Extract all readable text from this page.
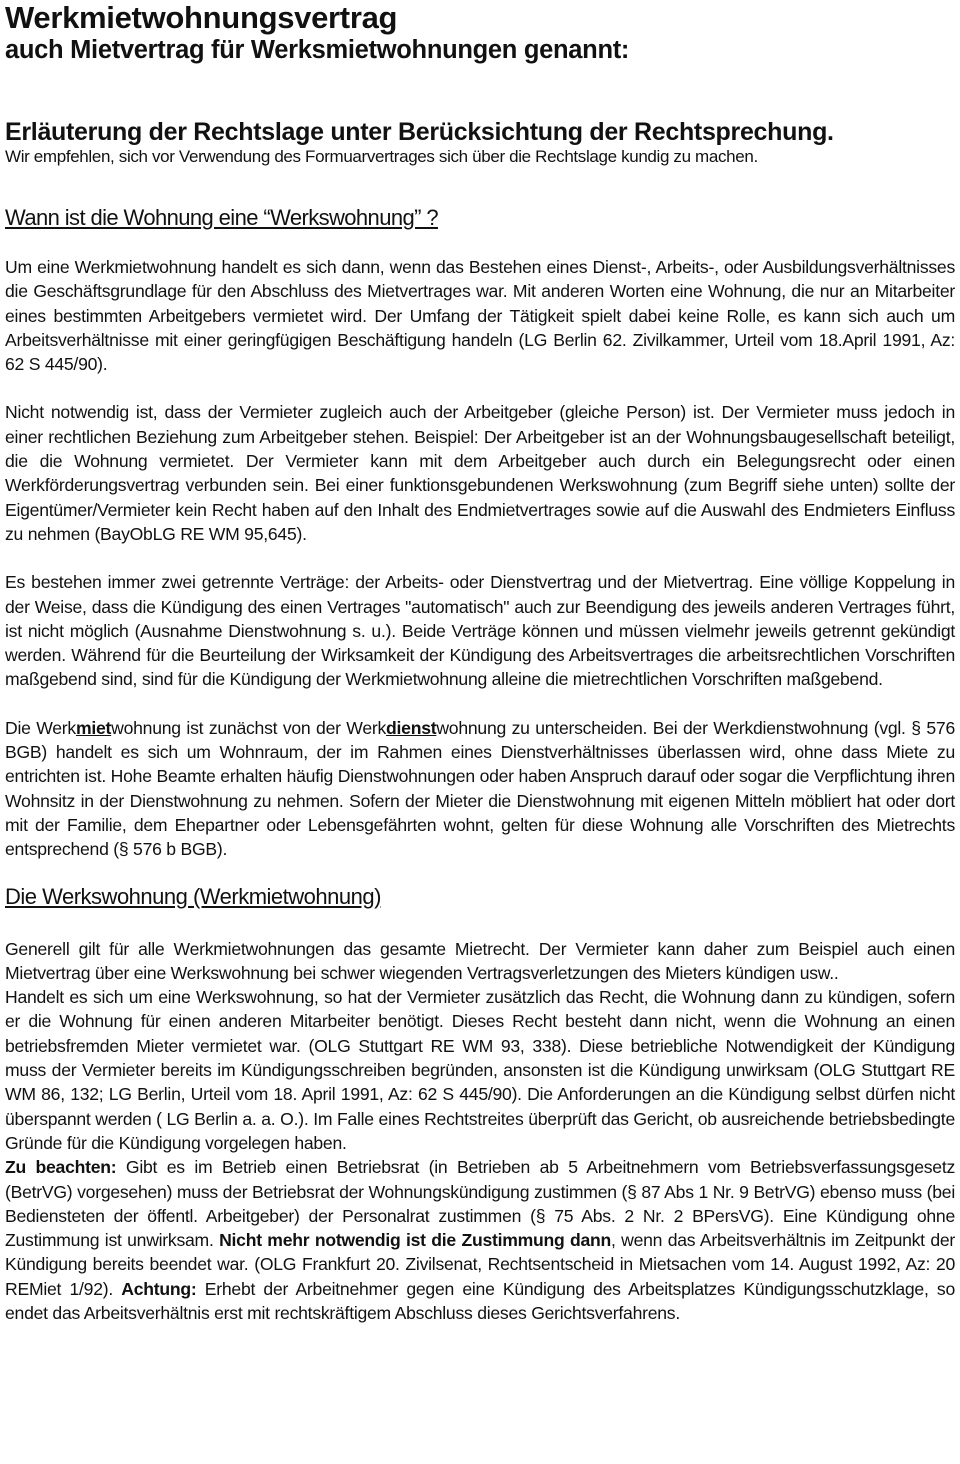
Werkmietwohnungsvertrag
auch Mietvertrag für Werksmietwohnungen genannt:
Erläuterung der Rechtslage unter Berücksichtung der Rechtsprechung.

Wir empfehlen, sich vor Verwendung des Formuarvertrages sich über die Rechtslage kundig zu machen.

Wann ist die Wohnung eine “Werkswohnung” ?

Um eine Werkmietwohnung handelt es sich dann, wenn das Bestehen eines Dienst-, Arbeits-, oder Ausbildungsverhältnisses die Geschäftsgrundlage für den Abschluss des Mietvertrages war. Mit anderen Worten eine Wohnung, die nur an Mitarbeiter eines bestimmten Arbeitgebers vermietet wird. Der Umfang der Tätigkeit spielt dabei keine Rolle, es kann sich auch um Arbeitsverhältnisse mit einer geringfügigen Beschäftigung handeln (LG Berlin 62. Zivilkammer, Urteil vom 18.April 1991, Az: 62 S 445/90).

Nicht notwendig ist, dass der Vermieter zugleich auch der Arbeitgeber (gleiche Person) ist. Der Vermieter muss jedoch in einer rechtlichen Beziehung zum Arbeitgeber stehen. Beispiel: Der Arbeitgeber ist an der Wohnungsbaugesellschaft beteiligt, die die Wohnung vermietet. Der Vermieter kann mit dem Arbeitgeber auch durch ein Belegungsrecht oder einen Werkförderungsvertrag verbunden sein. Bei einer funktionsgebundenen Werkswohnung (zum Begriff siehe unten) sollte der Eigentümer/Vermieter kein Recht haben auf den Inhalt des Endmietvertrages sowie auf die Auswahl des Endmieters Einfluss zu nehmen (BayObLG RE WM 95,645).

Es bestehen immer zwei getrennte Verträge: der Arbeits- oder Dienstvertrag und der Mietvertrag. Eine völlige Koppelung in der Weise, dass die Kündigung des einen Vertrages "automatisch" auch zur Beendigung des jeweils anderen Vertrages führt, ist nicht möglich (Ausnahme Dienstwohnung s. u.). Beide Verträge können und müssen vielmehr jeweils getrennt gekündigt werden. Während für die Beurteilung der Wirksamkeit der Kündigung des Arbeitsvertrages die arbeitsrechtlichen Vorschriften maßgebend sind, sind für die Kündigung der Werkmietwohnung alleine die mietrechtlichen Vorschriften maßgebend.

Die Werkmietwohnung ist zunächst von der Werkdienstwohnung zu unterscheiden. Bei der Werkdienstwohnung (vgl. § 576 BGB) handelt es sich um Wohnraum, der im Rahmen eines Dienstverhältnisses überlassen wird, ohne dass Miete zu entrichten ist. Hohe Beamte erhalten häufig Dienstwohnungen oder haben Anspruch darauf oder sogar die Verpflichtung ihren Wohnsitz in der Dienstwohnung zu nehmen. Sofern der Mieter die Dienstwohnung mit eigenen Mitteln möbliert hat oder dort mit der Familie, dem Ehepartner oder Lebensgefährten wohnt, gelten für diese Wohnung alle Vorschriften des Mietrechts entsprechend (§ 576 b BGB).

Die Werkswohnung (Werkmietwohnung)

Generell gilt für alle Werkmietwohnungen das gesamte Mietrecht. Der Vermieter kann daher zum Beispiel auch einen Mietvertrag über eine Werkswohnung bei schwer wiegenden Vertragsverletzungen des Mieters kündigen usw..

Handelt es sich um eine Werkswohnung, so hat der Vermieter zusätzlich das Recht, die Wohnung dann zu kündigen, sofern er die Wohnung für einen anderen Mitarbeiter benötigt. Dieses Recht besteht dann nicht, wenn die Wohnung an einen betriebsfremden Mieter vermietet war. (OLG Stuttgart RE WM 93, 338). Diese betriebliche Notwendigkeit der Kündigung muss der Vermieter bereits im Kündigungsschreiben begründen, ansonsten ist die Kündigung unwirksam (OLG Stuttgart RE WM 86, 132; LG Berlin, Urteil vom 18. April 1991, Az: 62 S 445/90). Die Anforderungen an die Kündigung selbst dürfen nicht überspannt werden ( LG Berlin a. a. O.). Im Falle eines Rechtstreites überprüft das Gericht, ob ausreichende betriebsbedingte Gründe für die Kündigung vorgelegen haben.

Zu beachten: Gibt es im Betrieb einen Betriebsrat (in Betrieben ab 5 Arbeitnehmern vom Betriebsverfassungsgesetz (BetrVG) vorgesehen) muss der Betriebsrat der Wohnungskündigung zustimmen (§ 87 Abs 1 Nr. 9 BetrVG) ebenso muss (bei Bediensteten der öffentl. Arbeitgeber) der Personalrat zustimmen (§ 75 Abs. 2 Nr. 2 BPersVG). Eine Kündigung ohne Zustimmung ist unwirksam. Nicht mehr notwendig ist die Zustimmung dann, wenn das Arbeitsverhältnis im Zeitpunkt der Kündigung bereits beendet war. (OLG Frankfurt 20. Zivilsenat, Rechtsentscheid in Mietsachen vom 14. August 1992, Az: 20 REMiet 1/92). Achtung: Erhebt der Arbeitnehmer gegen eine Kündigung des Arbeitsplatzes Kündigungsschutzklage, so endet das Arbeitsverhältnis erst mit rechtskräftigem Abschluss dieses Gerichtsverfahrens.
